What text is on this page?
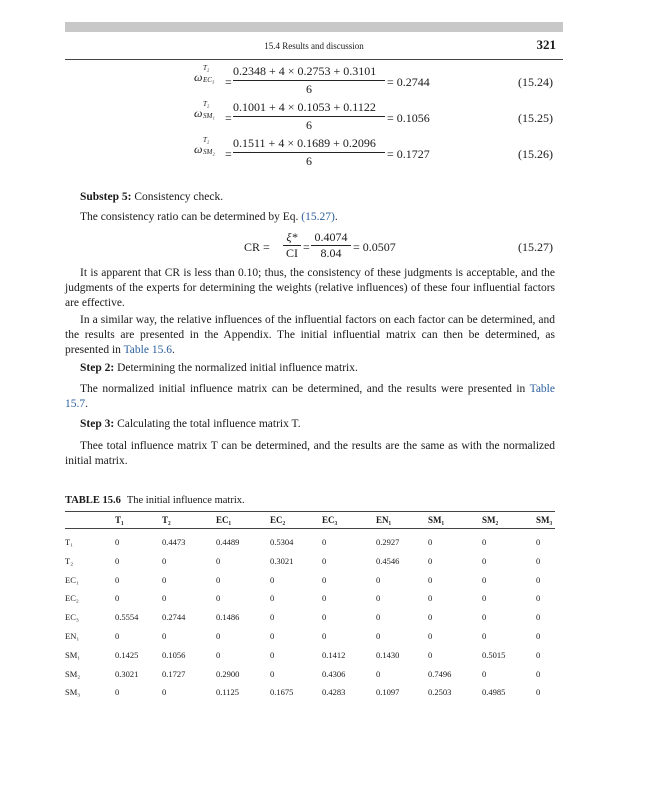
15.4 Results and discussion	321
ω
T₂
EC₃ =
0.2348 + 4 × 0.2753 + 0.3101
6	= 0.2744	(15.24)
ω
T₂
SM₁ =
0.1001 + 4 × 0.1053 + 0.1122
6	= 0.1056	(15.25)
ω
T₂
SM₂ =
0.1511 + 4 × 0.1689 + 0.2096
6	= 0.1727	(15.26)
Substep 5: Consistency check.
The consistency ratio can be determined by Eq. (15.27).
CR =
ξ*
CI =
0.4074
8.04 = 0.0507	(15.27)
It is apparent that CR is less than 0.10; thus, the consistency of these judgments is acceptable, and the judgments of the experts for determining the weights (relative influences) of these four influential factors are effective.
In a similar way, the relative influences of the influential factors on each factor can be determined, and the results are presented in the Appendix. The initial influential matrix can then be determined, as presented in Table 15.6.
Step 2: Determining the normalized initial influence matrix.
The normalized initial influence matrix can be determined, and the results were presented in Table 15.7.
Step 3: Calculating the total influence matrix T.
Thee total influence matrix T can be determined, and the results are the same as with the normalized initial matrix.
TABLE 15.6 The initial influence matrix.
T₁	T₂	EC₁	EC₂	EC₃	EN₁	SM₁	SM₂	SM₃
T₁	0	0.4473	0.4489	0.5304	0	0.2927	0	0	0
T₂	0	0	0	0.3021	0	0.4546	0	0	0
EC₁	0	0	0	0	0	0	0	0	0
EC₂	0	0	0	0	0	0	0	0	0
EC₃	0.5554	0.2744	0.1486	0	0	0	0	0	0
EN₁	0	0	0	0	0	0	0	0	0
SM₁	0.1425	0.1056	0	0	0.1412	0.1430	0	0.5015	0
SM₂	0.3021	0.1727	0.2900	0	0.4306	0	0.7496	0	0
SM₃	0	0	0.1125	0.1675	0.4283	0.1097	0.2503	0.4985	0
